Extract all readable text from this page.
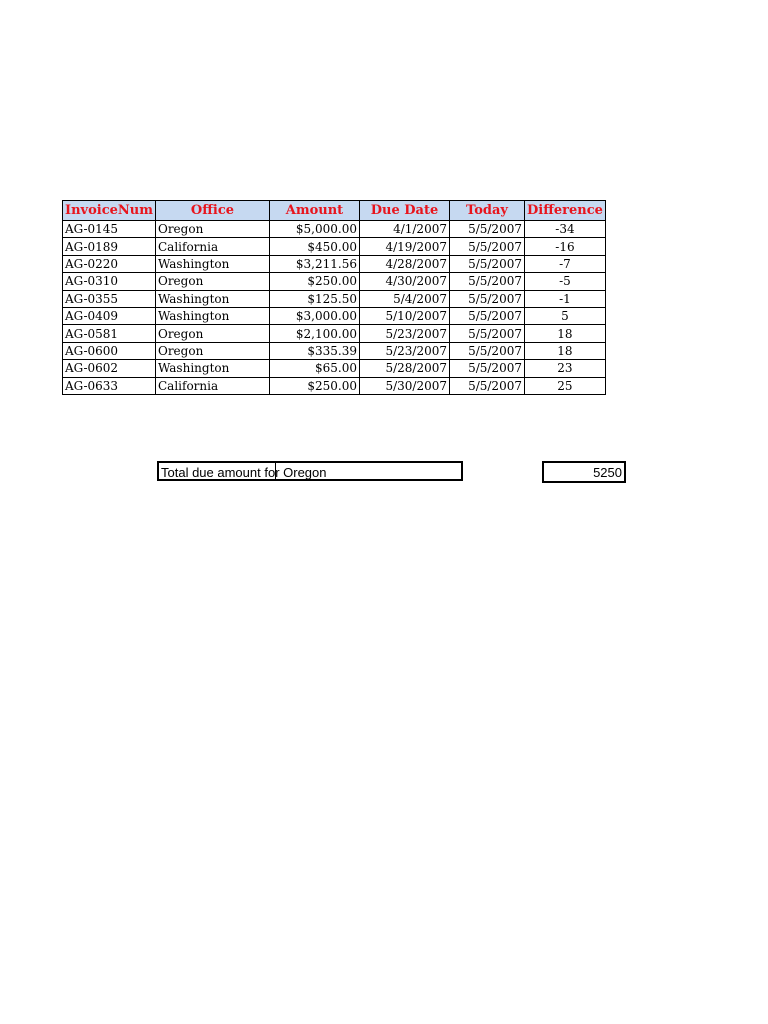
InvoiceNum	Office	Amount	Due Date	Today	Difference
AG-0145	Oregon	$5,000.00	4/1/2007	5/5/2007	-34
AG-0189	California	$450.00	4/19/2007	5/5/2007	-16
AG-0220	Washington	$3,211.56	4/28/2007	5/5/2007	-7
AG-0310	Oregon	$250.00	4/30/2007	5/5/2007	-5
AG-0355	Washington	$125.50	5/4/2007	5/5/2007	-1
AG-0409	Washington	$3,000.00	5/10/2007	5/5/2007	5
AG-0581	Oregon	$2,100.00	5/23/2007	5/5/2007	18
AG-0600	Oregon	$335.39	5/23/2007	5/5/2007	18
AG-0602	Washington	$65.00	5/28/2007	5/5/2007	23
AG-0633	California	$250.00	5/30/2007	5/5/2007	25
Total due amount for Oregon	5250
